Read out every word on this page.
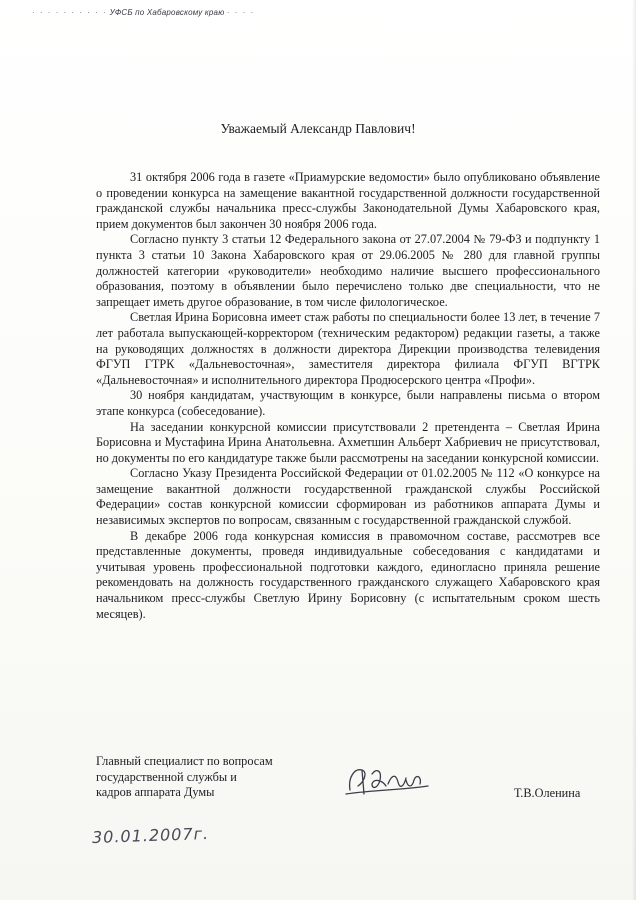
· · · · · · · · · · УФСБ по Хабаровскому краю · · · ·
Уважаемый Александр Павлович!

31 октября 2006 года в газете «Приамурские ведомости» было опубликовано объявление о проведении конкурса на замещение вакантной государственной должности государственной гражданской службы начальника пресс-службы Законодательной Думы Хабаровского края, прием документов был закончен 30 ноября 2006 года.

Согласно пункту 3 статьи 12 Федерального закона от 27.07.2004 № 79-ФЗ и подпункту 1 пункта 3 статьи 10 Закона Хабаровского края от 29.06.2005 № 280 для главной группы должностей категории «руководители» необходимо наличие высшего профессионального образования, поэтому в объявлении было перечислено только две специальности, что не запрещает иметь другое образование, в том числе филологическое.

Светлая Ирина Борисовна имеет стаж работы по специальности более 13 лет, в течение 7 лет работала выпускающей-корректором (техническим редактором) редакции газеты, а также на руководящих должностях в должности директора Дирекции производства телевидения ФГУП ГТРК «Дальневосточная», заместителя директора филиала ФГУП ВГТРК «Дальневосточная» и исполнительного директора Продюсерского центра «Профи».

30 ноября кандидатам, участвующим в конкурсе, были направлены письма о втором этапе конкурса (собеседование).

На заседании конкурсной комиссии присутствовали 2 претендента – Светлая Ирина Борисовна и Мустафина Ирина Анатольевна. Ахметшин Альберт Хабриевич не присутствовал, но документы по его кандидатуре также были рассмотрены на заседании конкурсной комиссии.

Согласно Указу Президента Российской Федерации от 01.02.2005 № 112 «О конкурсе на замещение вакантной должности государственной гражданской службы Российской Федерации» состав конкурсной комиссии сформирован из работников аппарата Думы и независимых экспертов по вопросам, связанным с государственной гражданской службой.

В декабре 2006 года конкурсная комиссия в правомочном составе, рассмотрев все представленные документы, проведя индивидуальные собеседования с кандидатами и учитывая уровень профессиональной подготовки каждого, единогласно приняла решение рекомендовать на должность государственного гражданского служащего Хабаровского края начальником пресс-службы Светлую Ирину Борисовну (с испытательным сроком шесть месяцев).

Главный специалист по вопросам
государственной службы и
кадров аппарата Думы	Т.В.Оленина
30.01.2007г.
